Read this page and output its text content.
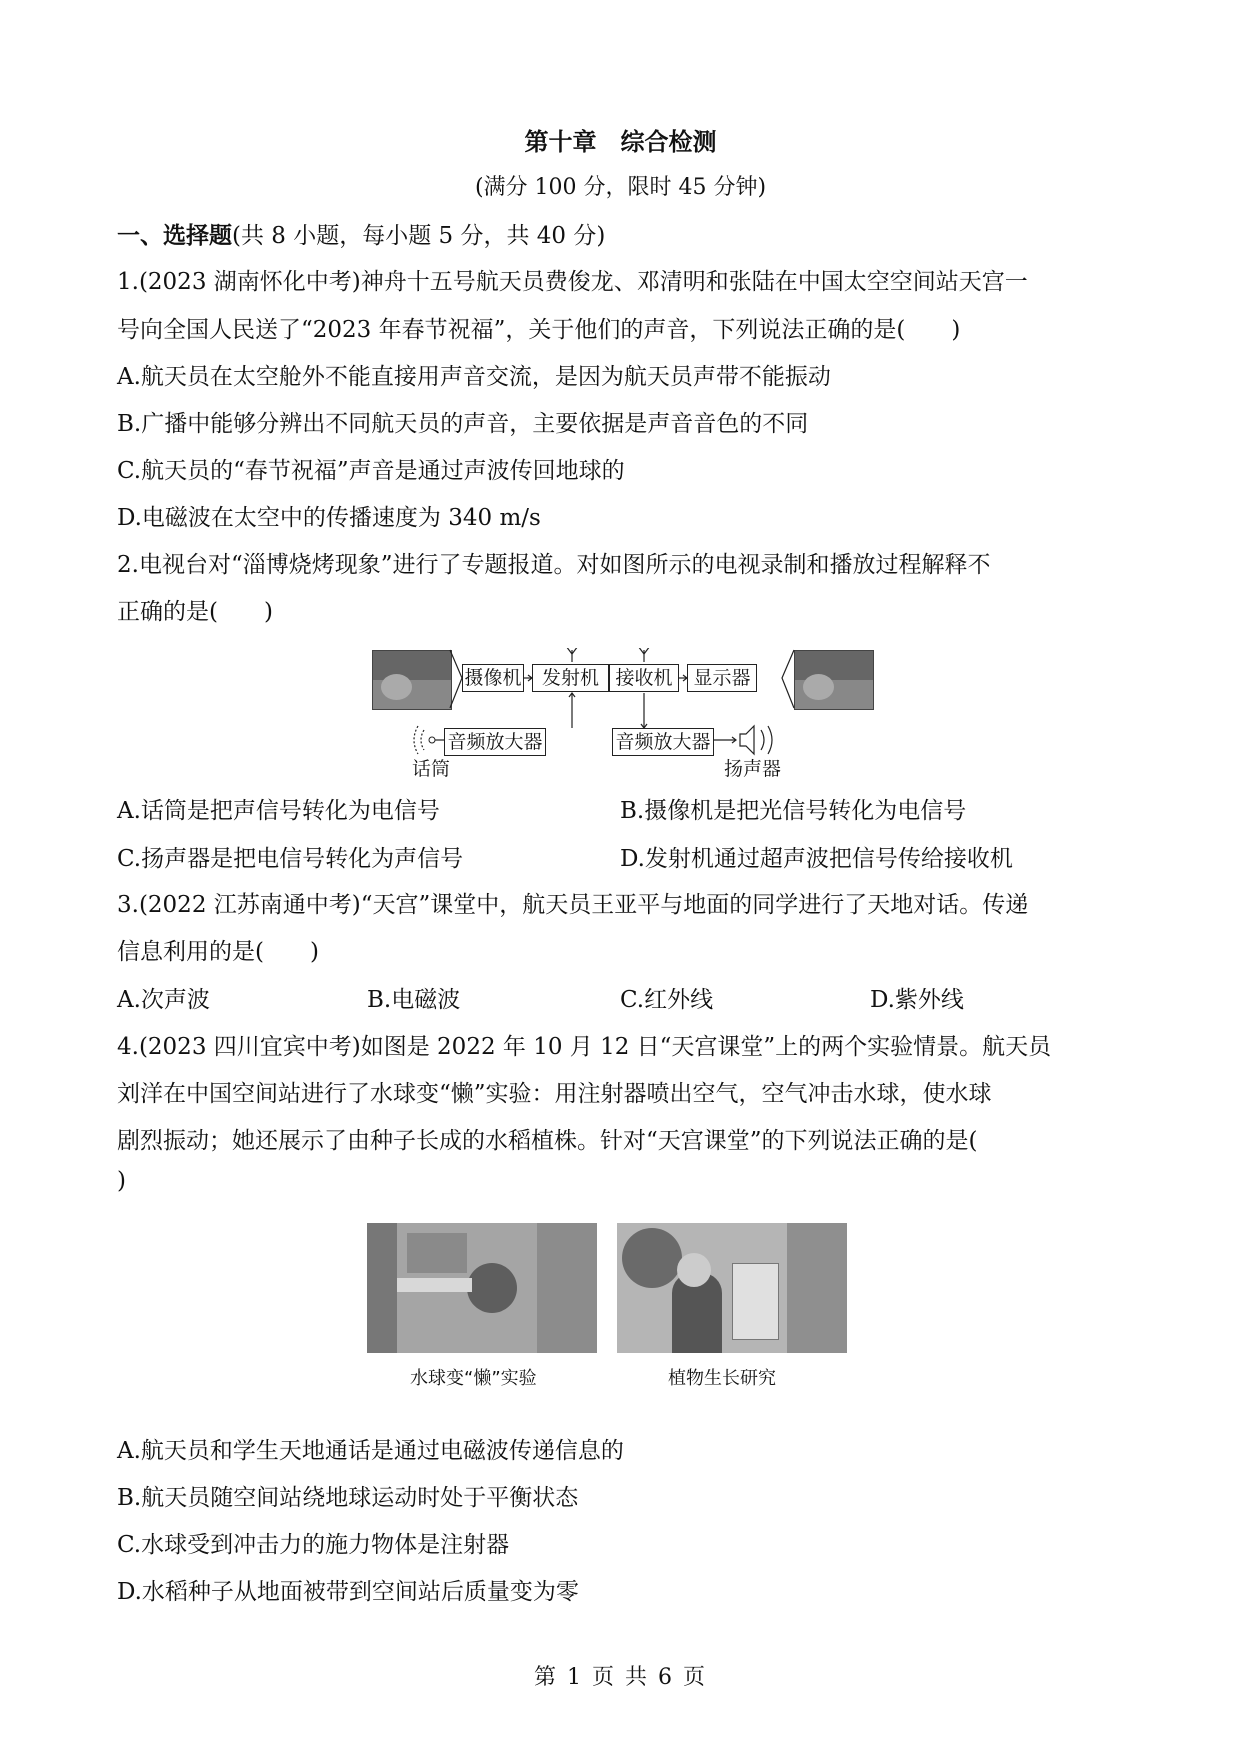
第十章　综合检测
(满分 100 分，限时 45 分钟)
一、选择题(共 8 小题，每小题 5 分，共 40 分)
1.(2023 湖南怀化中考)神舟十五号航天员费俊龙、邓清明和张陆在中国太空空间站天宫一
号向全国人民送了“2023 年春节祝福”，关于他们的声音，下列说法正确的是(　　)
A.航天员在太空舱外不能直接用声音交流，是因为航天员声带不能振动
B.广播中能够分辨出不同航天员的声音，主要依据是声音音色的不同
C.航天员的“春节祝福”声音是通过声波传回地球的
D.电磁波在太空中的传播速度为 340 m/s
2.电视台对“淄博烧烤现象”进行了专题报道。对如图所示的电视录制和播放过程解释不
正确的是(　　)
摄像机	发射机 接收机	显示器
音频放大器	音频放大器
话筒	扬声器
A.话筒是把声信号转化为电信号	B.摄像机是把光信号转化为电信号
C.扬声器是把电信号转化为声信号	D.发射机通过超声波把信号传给接收机
3.(2022 江苏南通中考)“天宫”课堂中，航天员王亚平与地面的同学进行了天地对话。传递
信息利用的是(　　)
A.次声波	B.电磁波	C.红外线	D.紫外线
4.(2023 四川宜宾中考)如图是 2022 年 10 月 12 日“天宫课堂”上的两个实验情景。航天员
刘洋在中国空间站进行了水球变“懒”实验：用注射器喷出空气，空气冲击水球，使水球
剧烈振动；她还展示了由种子长成的水稻植株。针对“天宫课堂”的下列说法正确的是(
)
水球变“懒”实验	植物生长研究
A.航天员和学生天地通话是通过电磁波传递信息的
B.航天员随空间站绕地球运动时处于平衡状态
C.水球受到冲击力的施力物体是注射器
D.水稻种子从地面被带到空间站后质量变为零
第 1 页 共 6 页
